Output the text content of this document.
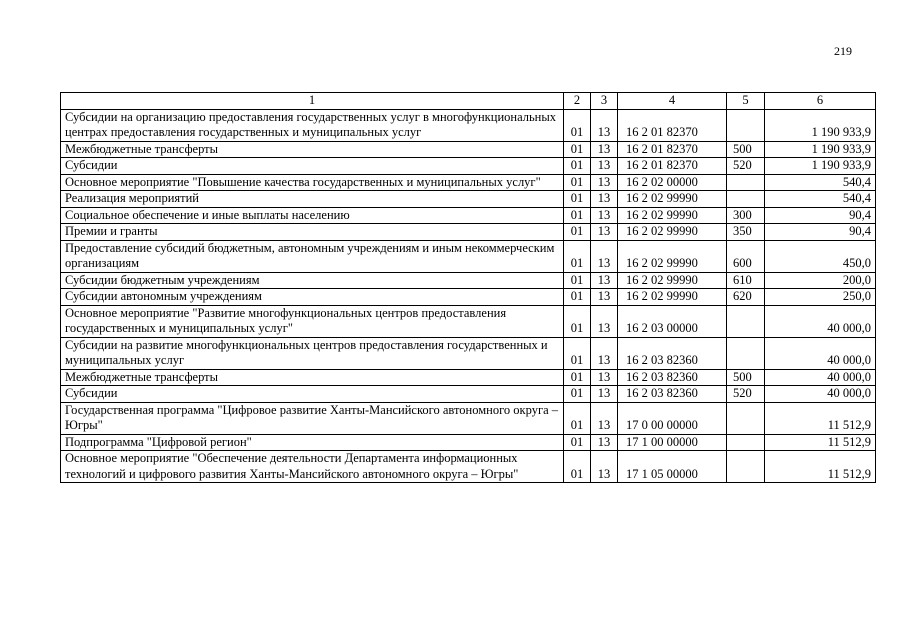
219
1	2	3	4	5	6
Субсидии на организацию предоставления государственных услуг в многофункциональных центрах предоставления государственных и муниципальных услуг	01	13	16 2 01 82370		1 190 933,9
Межбюджетные трансферты	01	13	16 2 01 82370	500	1 190 933,9
Субсидии	01	13	16 2 01 82370	520	1 190 933,9
Основное мероприятие "Повышение качества государственных и муниципальных услуг"	01	13	16 2 02 00000		540,4
Реализация мероприятий	01	13	16 2 02 99990		540,4
Социальное обеспечение и иные выплаты населению	01	13	16 2 02 99990	300	90,4
Премии и гранты	01	13	16 2 02 99990	350	90,4
Предоставление субсидий бюджетным, автономным учреждениям и иным некоммерческим организациям	01	13	16 2 02 99990	600	450,0
Субсидии бюджетным учреждениям	01	13	16 2 02 99990	610	200,0
Субсидии автономным учреждениям	01	13	16 2 02 99990	620	250,0
Основное мероприятие "Развитие многофункциональных центров предоставления государственных и муниципальных услуг"	01	13	16 2 03 00000		40 000,0
Субсидии на развитие многофункциональных центров предоставления государственных и муниципальных услуг	01	13	16 2 03 82360		40 000,0
Межбюджетные трансферты	01	13	16 2 03 82360	500	40 000,0
Субсидии	01	13	16 2 03 82360	520	40 000,0
Государственная программа "Цифровое развитие Ханты-Мансийского автономного округа – Югры"	01	13	17 0 00 00000		11 512,9
Подпрограмма "Цифровой регион"	01	13	17 1 00 00000		11 512,9
Основное мероприятие "Обеспечение деятельности Департамента информационных технологий и цифрового развития Ханты-Мансийского автономного округа – Югры"	01	13	17 1 05 00000		11 512,9
